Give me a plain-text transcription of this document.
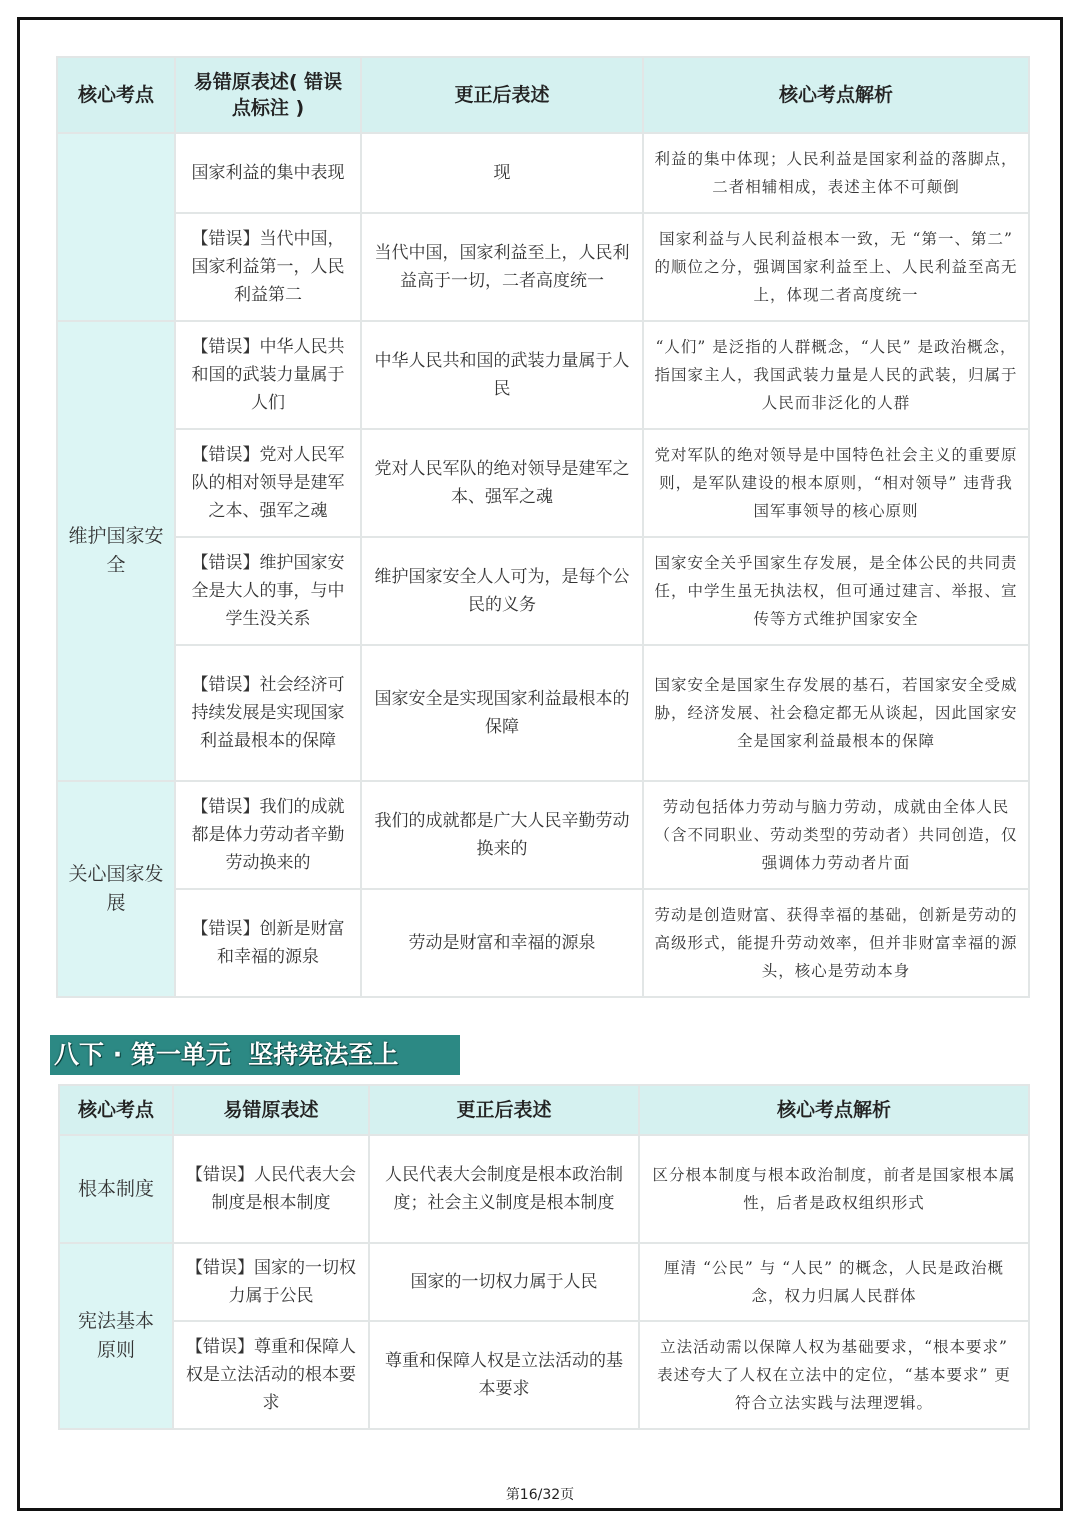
核心考点	易错原表述( 错误点标注 )	更正后表述	核心考点解析
	国家利益的集中表现	现	利益的集中体现；人民利益是国家利益的落脚点，二者相辅相成，表述主体不可颠倒
	【错误】当代中国，国家利益第一，人民利益第二	当代中国，国家利益至上，人民利益高于一切，二者高度统一	国家利益与人民利益根本一致，无 “第一、第二” 的顺位之分，强调国家利益至上、人民利益至高无上，体现二者高度统一
维护国家安全	【错误】中华人民共和国的武装力量属于人们	中华人民共和国的武装力量属于人民	“人们” 是泛指的人群概念，“人民” 是政治概念，指国家主人，我国武装力量是人民的武装，归属于人民而非泛化的人群
	【错误】党对人民军队的相对领导是建军之本、强军之魂	党对人民军队的绝对领导是建军之本、强军之魂	党对军队的绝对领导是中国特色社会主义的重要原则，是军队建设的根本原则，“相对领导” 违背我国军事领导的核心原则
	【错误】维护国家安全是大人的事，与中学生没关系	维护国家安全人人可为，是每个公民的义务	国家安全关乎国家生存发展，是全体公民的共同责任，中学生虽无执法权，但可通过建言、举报、宣传等方式维护国家安全
	【错误】社会经济可持续发展是实现国家利益最根本的保障	国家安全是实现国家利益最根本的保障	国家安全是国家生存发展的基石，若国家安全受威胁，经济发展、社会稳定都无从谈起，因此国家安全是国家利益最根本的保障
关心国家发展	【错误】我们的成就都是体力劳动者辛勤劳动换来的	我们的成就都是广大人民辛勤劳动换来的	劳动包括体力劳动与脑力劳动，成就由全体人民（含不同职业、劳动类型的劳动者）共同创造，仅强调体力劳动者片面
	【错误】创新是财富和幸福的源泉	劳动是财富和幸福的源泉	劳动是创造财富、获得幸福的基础，创新是劳动的高级形式，能提升劳动效率，但并非财富幸福的源头，核心是劳动本身
八下 · 第一单元  坚持宪法至上
核心考点	易错原表述	更正后表述	核心考点解析
根本制度	【错误】人民代表大会制度是根本制度	人民代表大会制度是根本政治制度；社会主义制度是根本制度	区分根本制度与根本政治制度，前者是国家根本属性，后者是政权组织形式
宪法基本原则	【错误】国家的一切权力属于公民	国家的一切权力属于人民	厘清 “公民” 与 “人民” 的概念，人民是政治概念，权力归属人民群体
	【错误】尊重和保障人权是立法活动的根本要求	尊重和保障人权是立法活动的基本要求	立法活动需以保障人权为基础要求，“根本要求” 表述夸大了人权在立法中的定位，“基本要求” 更符合立法实践与法理逻辑。
第16/32页
